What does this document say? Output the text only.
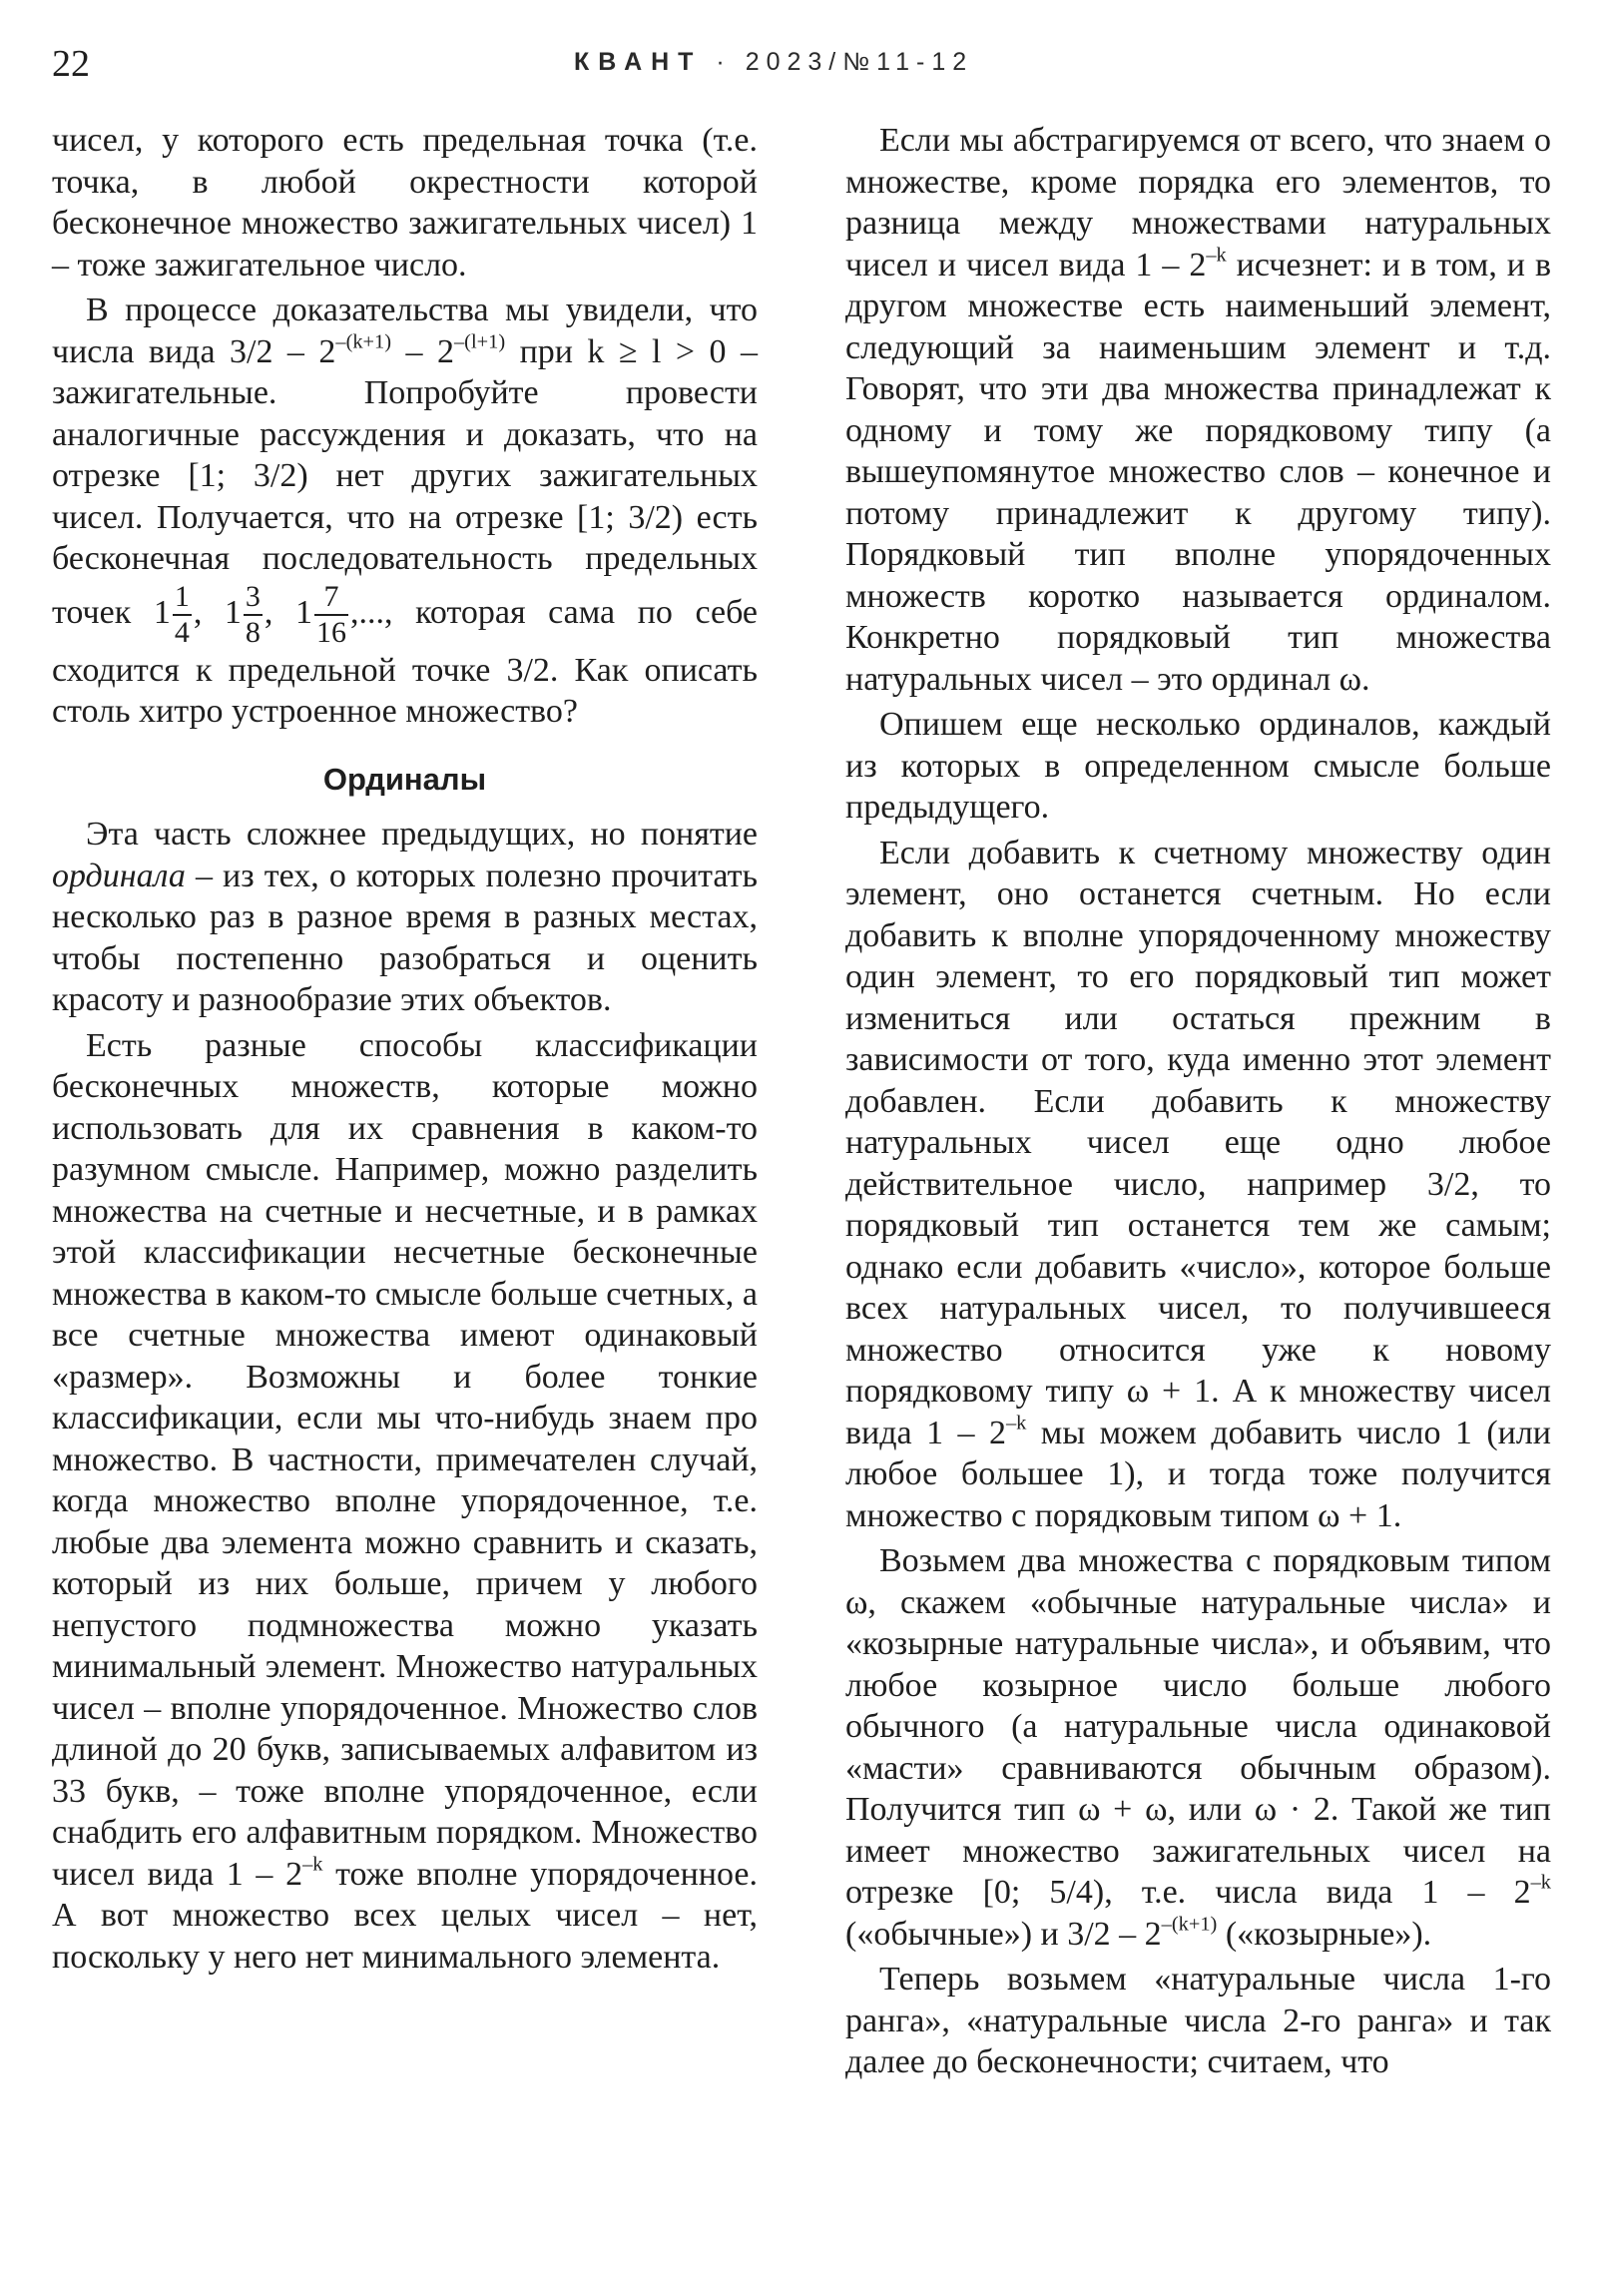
22	КВАНТ · 2023/№11-12

чисел, у которого есть предельная точка (т.е. точка, в любой окрестности которой бесконечное множество зажигательных чисел) 1 – тоже зажигательное число.

В процессе доказательства мы увидели, что числа вида $3/2 - 2^{-(k+1)} - 2^{-(l+1)}$ при k ≥ l > 0 – зажигательные. Попробуйте провести аналогичные рассуждения и доказать, что на отрезке [1; 3/2) нет других зажигательных чисел. Получается, что на отрезке [1; 3/2) есть бесконечная последовательность предельных точек $1 \frac{1}{4}$ , $1 \frac{3}{8}$ , $1 \frac{7}{16}$ ,..., которая сама по себе сходится к предельной точке 3/2. Как описать столь хитро устроенное множество?

Ординалы

Эта часть сложнее предыдущих, но понятие ординала – из тех, о которых полезно прочитать несколько раз в разное время в разных местах, чтобы постепенно разобраться и оценить красоту и разнообразие этих объектов.

Есть разные способы классификации бесконечных множеств, которые можно использовать для их сравнения в каком-то разумном смысле. Например, можно разделить множества на счетные и несчетные, и в рамках этой классификации несчетные бесконечные множества в каком-то смысле больше счетных, а все счетные множества имеют одинаковый «размер». Возможны и более тонкие классификации, если мы что-нибудь знаем про множество. В частности, примечателен случай, когда множество вполне упорядоченное, т.е. любые два элемента можно сравнить и сказать, который из них больше, причем у любого непустого подмножества можно указать минимальный элемент. Множество натуральных чисел – вполне упорядоченное. Множество слов длиной до 20 букв, записываемых алфавитом из 33 букв, – тоже вполне упорядоченное, если снабдить его алфавитным порядком. Множество чисел вида $1 - 2^{-k}$ тоже вполне упорядоченное. А вот множество всех целых чисел – нет, поскольку у него нет минимального элемента.

Если мы абстрагируемся от всего, что знаем о множестве, кроме порядка его элементов, то разница между множествами натуральных чисел и чисел вида $1 - 2^{-k}$ исчезнет: и в том, и в другом множестве есть наименьший элемент, следующий за наименьшим элемент и т.д. Говорят, что эти два множества принадлежат к одному и тому же порядковому типу (а вышеупомянутое множество слов – конечное и потому принадлежит к другому типу). Порядковый тип вполне упорядоченных множеств коротко называется ординалом. Конкретно порядковый тип множества натуральных чисел – это ординал ω.

Опишем еще несколько ординалов, каждый из которых в определенном смысле больше предыдущего.

Если добавить к счетному множеству один элемент, оно останется счетным. Но если добавить к вполне упорядоченному множеству один элемент, то его порядковый тип может измениться или остаться прежним в зависимости от того, куда именно этот элемент добавлен. Если добавить к множеству натуральных чисел еще одно любое действительное число, например 3/2, то порядковый тип останется тем же самым; однако если добавить «число», которое больше всех натуральных чисел, то получившееся множество относится уже к новому порядковому типу ω + 1. А к множеству чисел вида $1 - 2^{-k}$ мы можем добавить число 1 (или любое большее 1), и тогда тоже получится множество с порядковым типом ω + 1.

Возьмем два множества с порядковым типом ω, скажем «обычные натуральные числа» и «козырные натуральные числа», и объявим, что любое козырное число больше любого обычного (а натуральные числа одинаковой «масти» сравниваются обычным образом). Получится тип ω + ω, или ω · 2. Такой же тип имеет множество зажигательных чисел на отрезке [0; 5/4), т.е. числа вида $1 - 2^{-k}$ («обычные») и $3/2 - 2^{-(k+1)}$ («козырные»).

Теперь возьмем «натуральные числа 1-го ранга», «натуральные числа 2-го ранга» и так далее до бесконечности; считаем, что
